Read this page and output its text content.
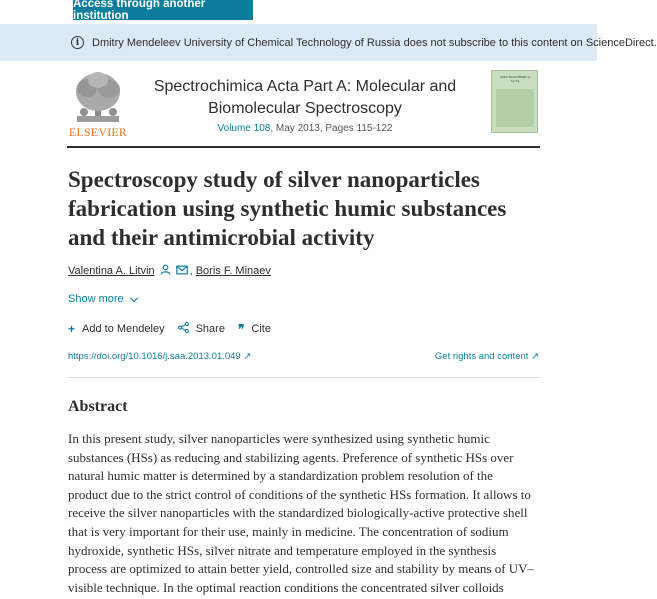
Access through another institution
i	Dmitry Mendeleev University of Chemical Technology of Russia does not subscribe to this content on ScienceDirect.
ELSEVIER
Spectrochimica Acta Part A: Molecular and
Biomolecular Spectroscopy
Volume 108, May 2013, Pages 115-122
SPECTROCHIMICA ACTA
Spectroscopy study of silver nanoparticles
fabrication using synthetic humic substances
and their antimicrobial activity
Valentina A. Litvin	, Boris F. Minaev
Show more
+ Add to Mendeley	Share ❞ Cite
https://doi.org/10.1016/j.saa.2013.01.049 ↗	Get rights and content ↗
Abstract
In this present study, silver nanoparticles were synthesized using synthetic humic
substances (HSs) as reducing and stabilizing agents. Preference of synthetic HSs over
natural humic matter is determined by a standardization problem resolution of the
product due to the strict control of conditions of the synthetic HSs formation. It allows to
receive the silver nanoparticles with the standardized biologically-active protective shell
that is very important for their use, mainly in medicine. The concentration of sodium
hydroxide, synthetic HSs, silver nitrate and temperature employed in the synthesis
process are optimized to attain better yield, controlled size and stability by means of UV–
visible technique. In the optimal reaction conditions the concentrated silver colloids
